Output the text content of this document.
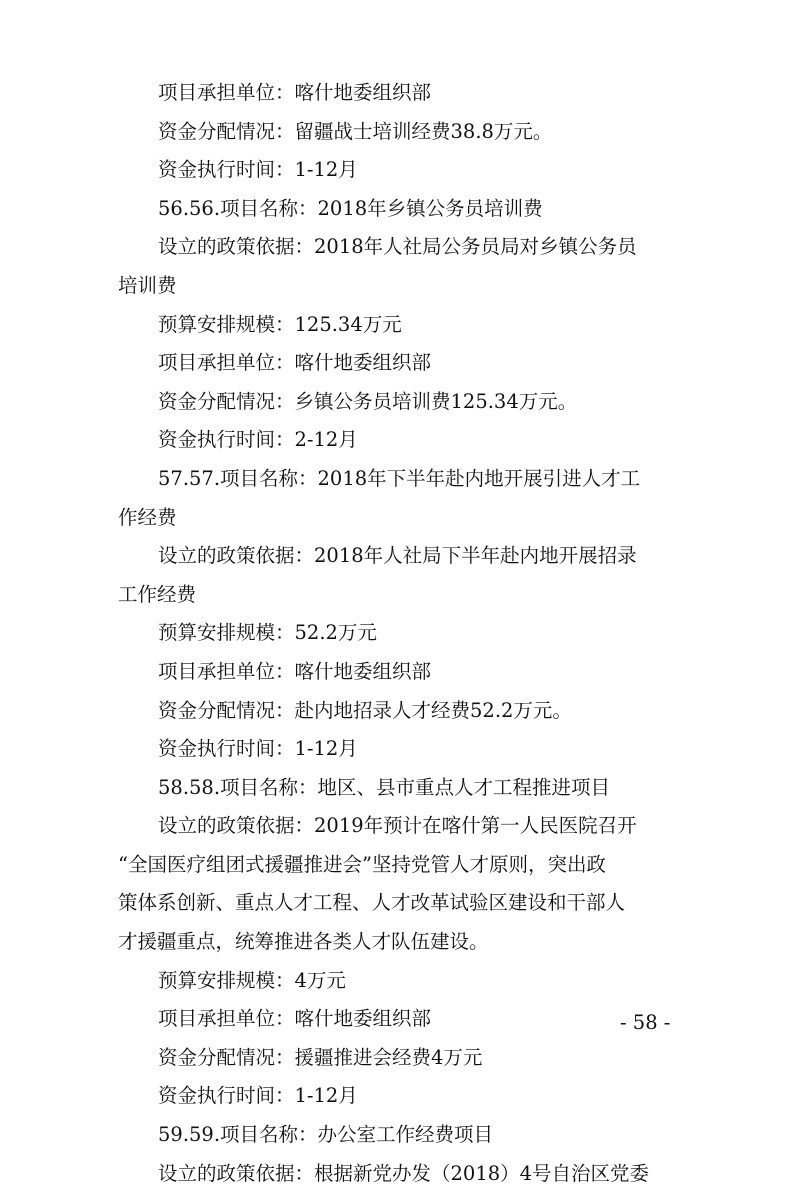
项目承担单位：喀什地委组织部
资金分配情况：留疆战士培训经费38.8万元。
资金执行时间：1-12月
56.56.项目名称：2018年乡镇公务员培训费
设立的政策依据：2018年人社局公务员局对乡镇公务员
培训费
预算安排规模：125.34万元
项目承担单位：喀什地委组织部
资金分配情况：乡镇公务员培训费125.34万元。
资金执行时间：2-12月
57.57.项目名称：2018年下半年赴内地开展引进人才工
作经费
设立的政策依据：2018年人社局下半年赴内地开展招录
工作经费
预算安排规模：52.2万元
项目承担单位：喀什地委组织部
资金分配情况：赴内地招录人才经费52.2万元。
资金执行时间：1-12月
58.58.项目名称：地区、县市重点人才工程推进项目
设立的政策依据：2019年预计在喀什第一人民医院召开
“全国医疗组团式援疆推进会”坚持党管人才原则，突出政
策体系创新、重点人才工程、人才改革试验区建设和干部人
才援疆重点，统筹推进各类人才队伍建设。
预算安排规模：4万元
项目承担单位：喀什地委组织部
资金分配情况：援疆推进会经费4万元
资金执行时间：1-12月
59.59.项目名称：办公室工作经费项目
设立的政策依据：根据新党办发（2018）4号自治区党委
- 58 -
